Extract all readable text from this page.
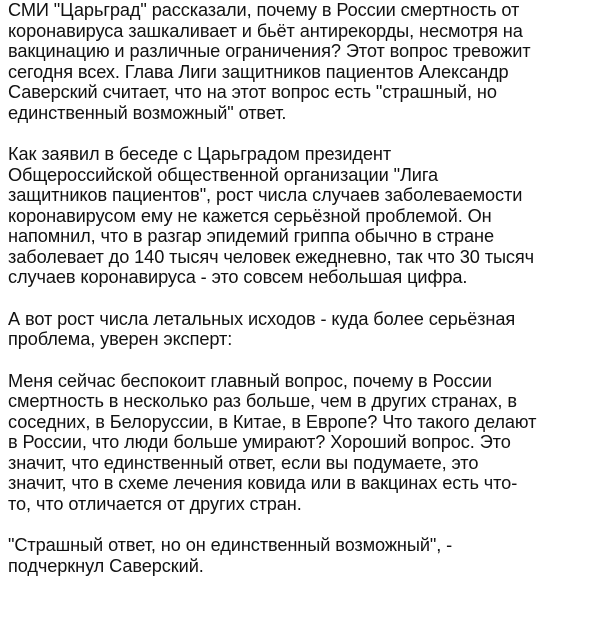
СМИ "Царьград" рассказали, почему в России смертность от
коронавируса зашкаливает и бьёт антирекорды, несмотря на
вакцинацию и различные ограничения? Этот вопрос тревожит
сегодня всех. Глава Лиги защитников пациентов Александр
Саверский считает, что на этот вопрос есть "страшный, но
единственный возможный" ответ.

Как заявил в беседе с Царьградом президент
Общероссийской общественной организации "Лига
защитников пациентов", рост числа случаев заболеваемости
коронавирусом ему не кажется серьёзной проблемой. Он
напомнил, что в разгар эпидемий гриппа обычно в стране
заболевает до 140 тысяч человек ежедневно, так что 30 тысяч
случаев коронавируса - это совсем небольшая цифра.

А вот рост числа летальных исходов - куда более серьёзная
проблема, уверен эксперт:

Меня сейчас беспокоит главный вопрос, почему в России
смертность в несколько раз больше, чем в других странах, в
соседних, в Белоруссии, в Китае, в Европе? Что такого делают
в России, что люди больше умирают? Хороший вопрос. Это
значит, что единственный ответ, если вы подумаете, это
значит, что в схеме лечения ковида или в вакцинах есть что-
то, что отличается от других стран.

"Страшный ответ, но он единственный возможный", -
подчеркнул Саверский.
